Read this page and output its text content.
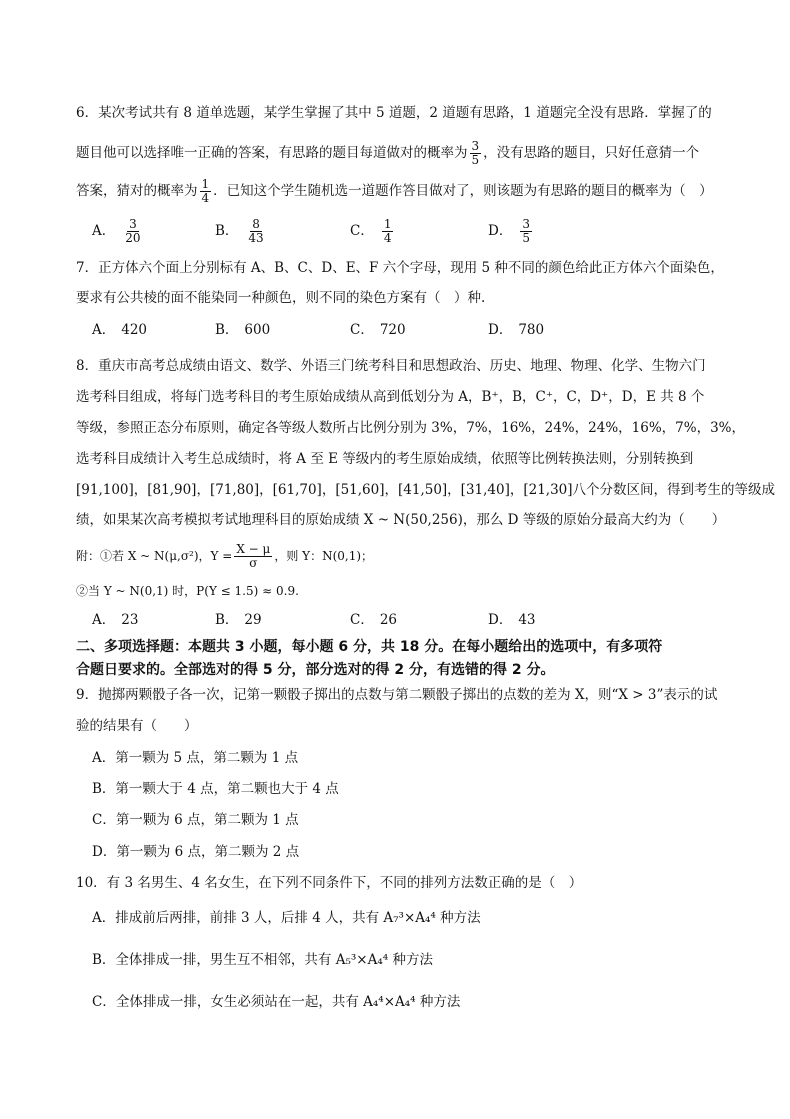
6．某次考试共有 8 道单选题，某学生掌握了其中 5 道题，2 道题有思路，1 道题完全没有思路．掌握了的
题目他可以选择唯一正确的答案，有思路的题目每道做对的概率为 $\frac{3}{5}$ ，没有思路的题目，只好任意猜一个
答案，猜对的概率为 $\frac{1}{4}$ ．已知这个学生随机选一道题作答目做对了，则该题为有思路的题目的概率为（　）
A． $\frac{3}{20}$	B． $\frac{8}{43}$	C． $\frac{1}{4}$	D． $\frac{3}{5}$
7．正方体六个面上分别标有 A、B、C、D、E、F 六个字母，现用 5 种不同的颜色给此正方体六个面染色，
要求有公共棱的面不能染同一种颜色，则不同的染色方案有（　）种.
A． 420	B． 600	C． 720	D． 780
8．重庆市高考总成绩由语文、数学、外语三门统考科目和思想政治、历史、地理、物理、化学、生物六门
选考科目组成，将每门选考科目的考生原始成绩从高到低划分为 A，B⁺，B，C⁺，C，D⁺，D，E 共 8 个
等级，参照正态分布原则，确定各等级人数所占比例分别为 3%，7%，16%，24%，24%，16%，7%，3%，
选考科目成绩计入考生总成绩时，将 A 至 E 等级内的考生原始成绩，依照等比例转换法则，分别转换到
[91,100]，[81,90]，[71,80]，[61,70]，[51,60]，[41,50]，[31,40]，[21,30]八个分数区间，得到考生的等级成
绩，如果某次高考模拟考试地理科目的原始成绩 X ~ N(50,256)，那么 D 等级的原始分最高大约为（　　）
附：①若 X ~ N(μ,σ²)，$Y = \frac{X - \mu}{\sigma}$ ，则 Y：N(0,1)；
②当 Y ~ N(0,1) 时，P(Y ≤ 1.5) ≈ 0.9.
A． 23	B． 29	C． 26	D． 43
二、多项选择题：本题共 3 小题，每小题 6 分，共 18 分。在每小题给出的选项中，有多项符
合题日要求的。全部选对的得 5 分，部分选对的得 2 分，有选错的得 2 分。
9．抛掷两颗骰子各一次，记第一颗骰子掷出的点数与第二颗骰子掷出的点数的差为 X，则“X > 3”表示的试
验的结果有（　　）
A．第一颗为 5 点，第二颗为 1 点
B．第一颗大于 4 点，第二颗也大于 4 点
C．第一颗为 6 点，第二颗为 1 点
D．第一颗为 6 点，第二颗为 2 点
10．有 3 名男生、4 名女生，在下列不同条件下，不同的排列方法数正确的是（　）
A．排成前后两排，前排 3 人，后排 4 人，共有 A₇³×A₄⁴ 种方法
B．全体排成一排，男生互不相邻，共有 A₅³×A₄⁴ 种方法
C．全体排成一排，女生必须站在一起，共有 A₄⁴×A₄⁴ 种方法
